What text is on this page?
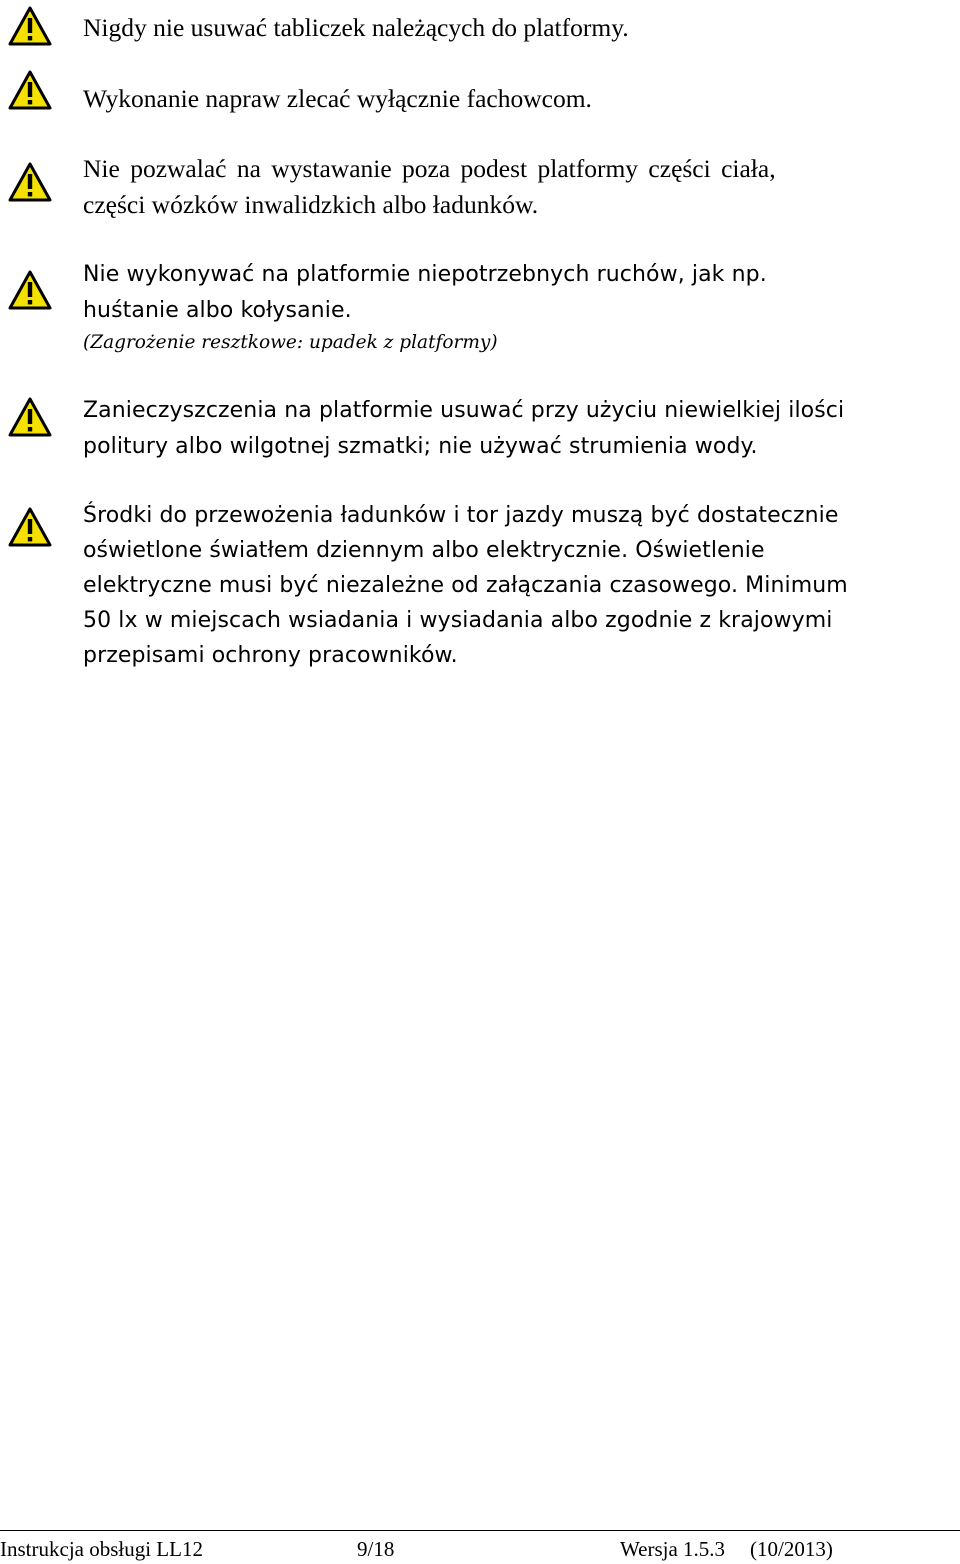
Nigdy nie usuwać tabliczek należących do platformy.
Wykonanie napraw zlecać wyłącznie fachowcom.
Nie pozwalać na wystawanie poza podest platformy części ciała,
części wózków inwalidzkich albo ładunków.
Nie wykonywać na platformie niepotrzebnych ruchów, jak np.
huśtanie albo kołysanie.
(Zagrożenie resztkowe: upadek z platformy)
Zanieczyszczenia na platformie usuwać przy użyciu niewielkiej ilości
politury albo wilgotnej szmatki; nie używać strumienia wody.
Środki do przewożenia ładunków i tor jazdy muszą być dostatecznie
oświetlone światłem dziennym albo elektrycznie. Oświetlenie
elektryczne musi być niezależne od załączania czasowego. Minimum
50 lx w miejscach wsiadania i wysiadania albo zgodnie z krajowymi
przepisami ochrony pracowników.
Instrukcja obsługi LL12	9/18	Wersja 1.5.3 (10/2013)
